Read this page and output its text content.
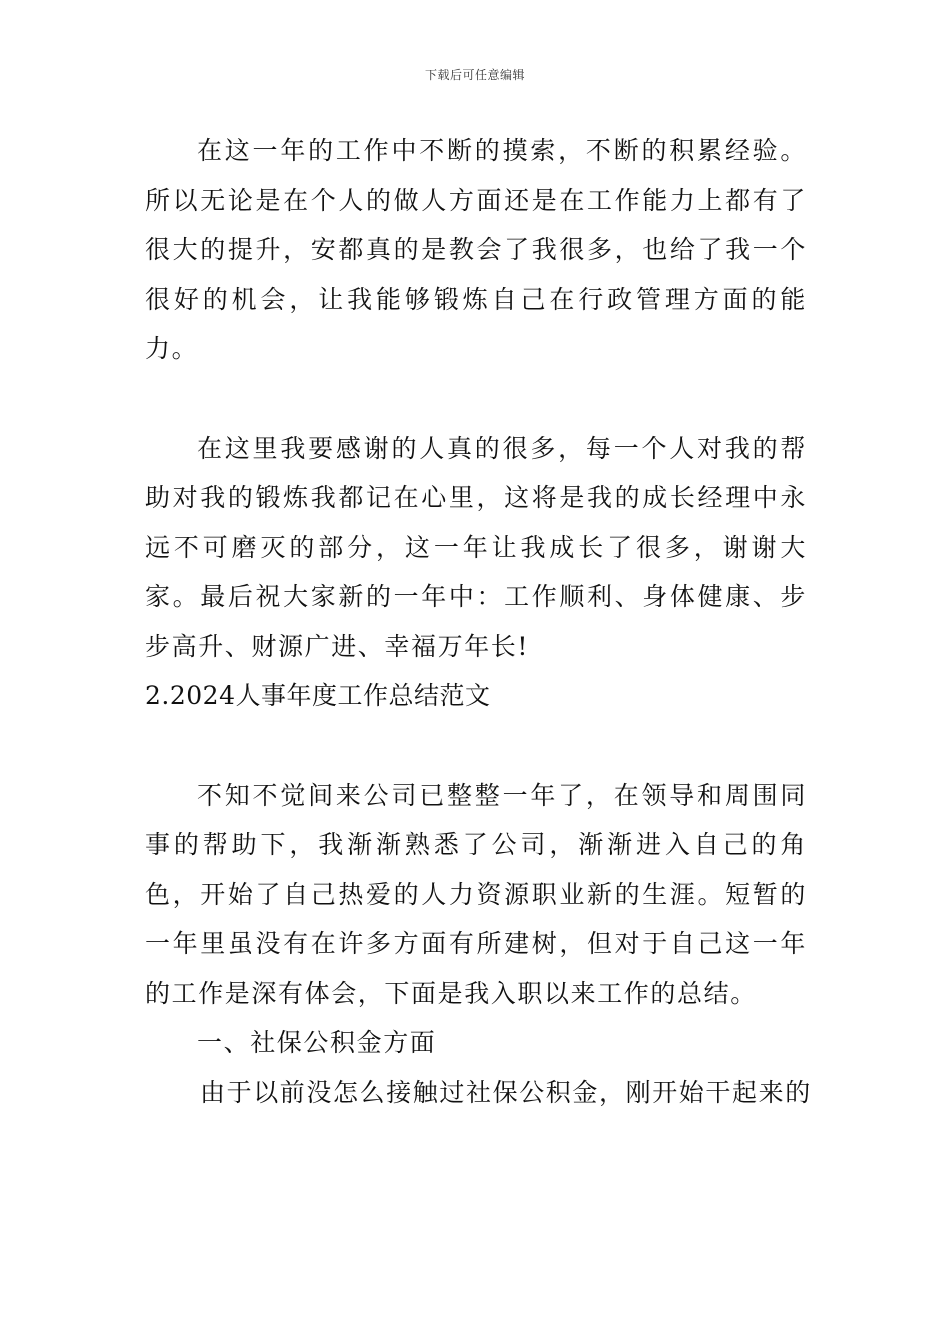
下载后可任意编辑

在这一年的工作中不断的摸索，不断的积累经验。所以无论是在个人的做人方面还是在工作能力上都有了很大的提升，安都真的是教会了我很多，也给了我一个很好的机会，让我能够锻炼自己在行政管理方面的能力。

在这里我要感谢的人真的很多，每一个人对我的帮助对我的锻炼我都记在心里，这将是我的成长经理中永远不可磨灭的部分，这一年让我成长了很多，谢谢大家。最后祝大家新的一年中：工作顺利、身体健康、步步高升、财源广进、幸福万年长!

2.2024人事年度工作总结范文

不知不觉间来公司已整整一年了，在领导和周围同事的帮助下，我渐渐熟悉了公司，渐渐进入自己的角色，开始了自己热爱的人力资源职业新的生涯。短暂的一年里虽没有在许多方面有所建树，但对于自己这一年的工作是深有体会，下面是我入职以来工作的总结。

一、社保公积金方面

由于以前没怎么接触过社保公积金，刚开始干起来的
